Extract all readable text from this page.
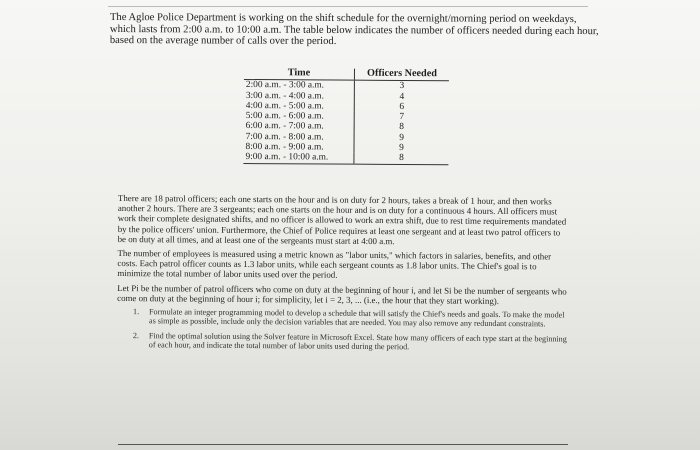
The Agloe Police Department is working on the shift schedule for the overnight/morning period on weekdays, which lasts from 2:00 a.m. to 10:00 a.m. The table below indicates the number of officers needed during each hour, based on the average number of calls over the period.

Time	Officers Needed
2:00 a.m. - 3:00 a.m.	3
3:00 a.m. - 4:00 a.m.	4
4:00 a.m. - 5:00 a.m.	6
5:00 a.m. - 6:00 a.m.	7
6:00 a.m. - 7:00 a.m.	8
7:00 a.m. - 8:00 a.m.	9
8:00 a.m. - 9:00 a.m.	9
9:00 a.m. - 10:00 a.m.	8

There are 18 patrol officers; each one starts on the hour and is on duty for 2 hours, takes a break of 1 hour, and then works another 2 hours. There are 3 sergeants; each one starts on the hour and is on duty for a continuous 4 hours. All officers must work their complete designated shifts, and no officer is allowed to work an extra shift, due to rest time requirements mandated by the police officers' union. Furthermore, the Chief of Police requires at least one sergeant and at least two patrol officers to be on duty at all times, and at least one of the sergeants must start at 4:00 a.m.

The number of employees is measured using a metric known as "labor units," which factors in salaries, benefits, and other costs. Each patrol officer counts as 1.3 labor units, while each sergeant counts as 1.8 labor units. The Chief's goal is to minimize the total number of labor units used over the period.

Let Pi be the number of patrol officers who come on duty at the beginning of hour i, and let Si be the number of sergeants who come on duty at the beginning of hour i; for simplicity, let i = 2, 3, ... (i.e., the hour that they start working).

1. Formulate an integer programming model to develop a schedule that will satisfy the Chief's needs and goals. To make the model as simple as possible, include only the decision variables that are needed. You may also remove any redundant constraints.
2. Find the optimal solution using the Solver feature in Microsoft Excel. State how many officers of each type start at the beginning of each hour, and indicate the total number of labor units used during the period.
